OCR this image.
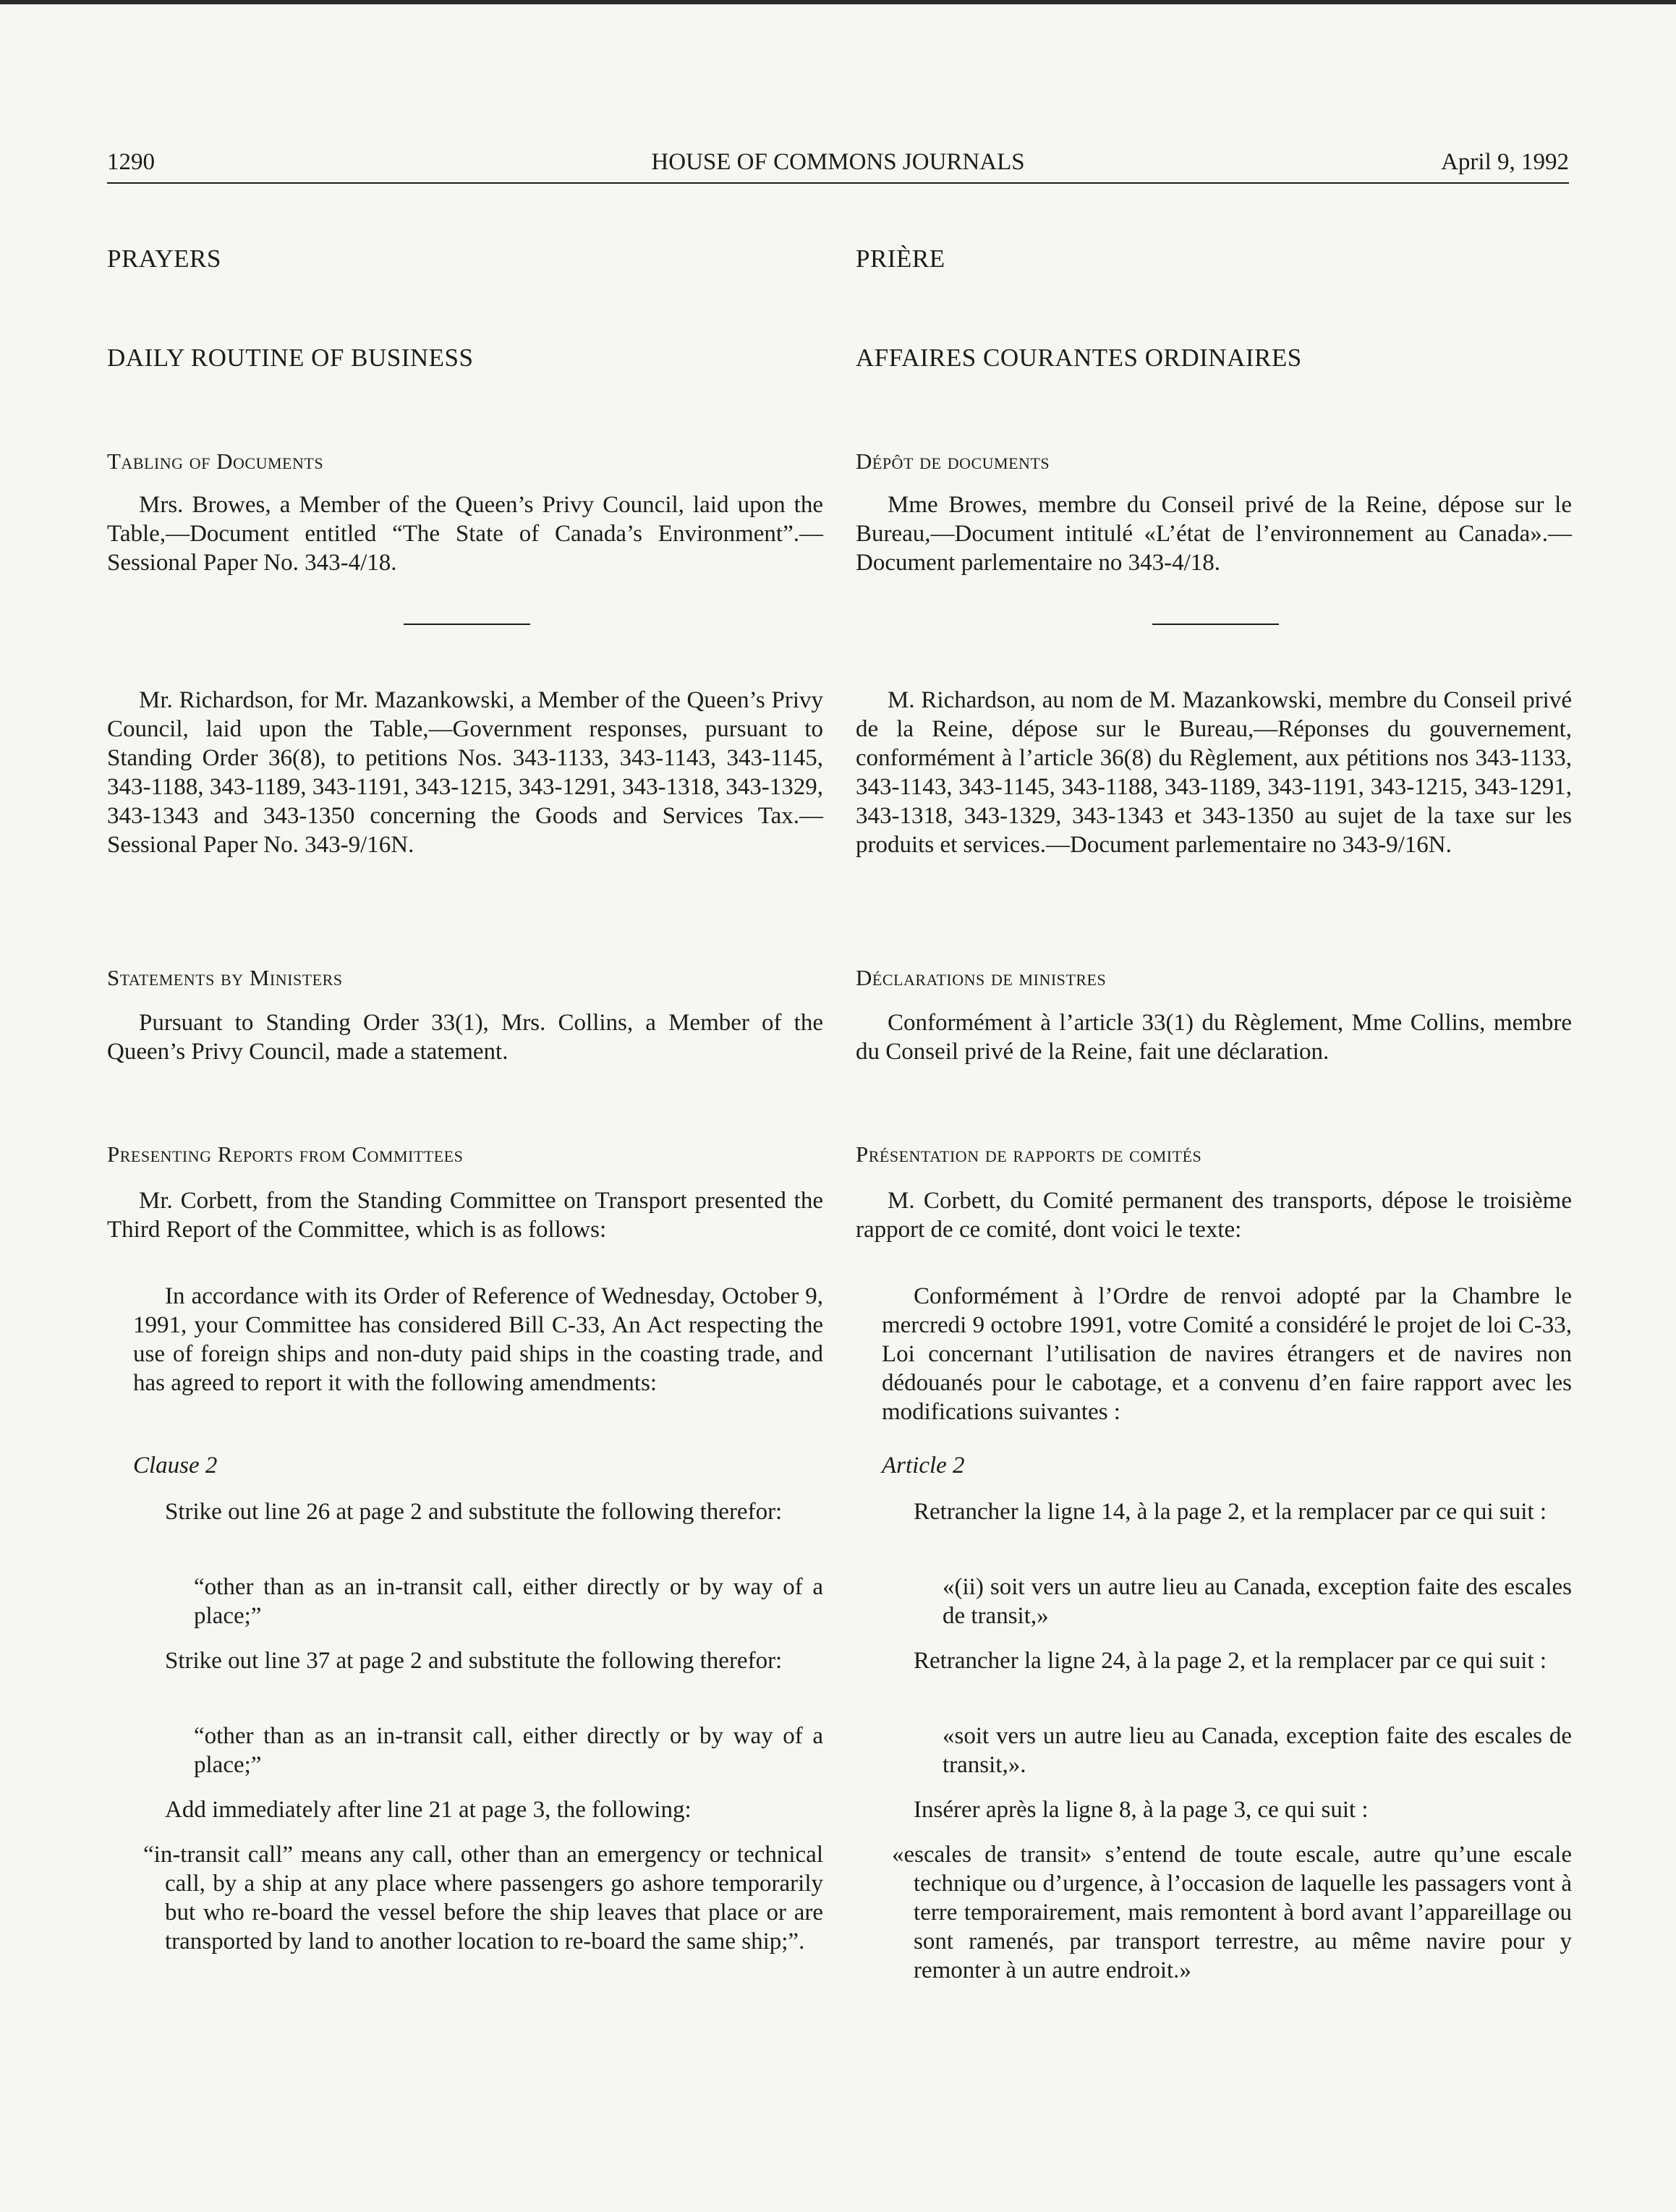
1290	HOUSE OF COMMONS JOURNALS	April 9, 1992
PRAYERS
DAILY ROUTINE OF BUSINESS
Tabling of Documents

Mrs. Browes, a Member of the Queen’s Privy Council, laid upon the Table,—Document entitled “The State of Canada’s Environment”.—Sessional Paper No. 343-4/18.

Mr. Richardson, for Mr. Mazankowski, a Member of the Queen’s Privy Council, laid upon the Table,—Government responses, pursuant to Standing Order 36(8), to petitions Nos. 343-1133, 343-1143, 343-1145, 343-1188, 343-1189, 343-1191, 343-1215, 343-1291, 343-1318, 343-1329, 343-1343 and 343-1350 concerning the Goods and Services Tax.—Sessional Paper No. 343-9/16N.

Statements by Ministers

Pursuant to Standing Order 33(1), Mrs. Collins, a Member of the Queen’s Privy Council, made a statement.

Presenting Reports from Committees

Mr. Corbett, from the Standing Committee on Transport presented the Third Report of the Committee, which is as follows:

In accordance with its Order of Reference of Wednesday, October 9, 1991, your Committee has considered Bill C-33, An Act respecting the use of foreign ships and non-duty paid ships in the coasting trade, and has agreed to report it with the following amendments:

Clause 2

Strike out line 26 at page 2 and substitute the following therefor:

“other than as an in-transit call, either directly or by way of a place;”

Strike out line 37 at page 2 and substitute the following therefor:

“other than as an in-transit call, either directly or by way of a place;”

Add immediately after line 21 at page 3, the following:

“in-transit call” means any call, other than an emergency or technical call, by a ship at any place where passengers go ashore temporarily but who re-board the vessel before the ship leaves that place or are transported by land to another location to re-board the same ship;”.

PRIÈRE
AFFAIRES COURANTES ORDINAIRES
Dépôt de documents

Mme Browes, membre du Conseil privé de la Reine, dépose sur le Bureau,—Document intitulé «L’état de l’environnement au Canada».—Document parlementaire no 343-4/18.

M. Richardson, au nom de M. Mazankowski, membre du Conseil privé de la Reine, dépose sur le Bureau,—Réponses du gouvernement, conformément à l’article 36(8) du Règlement, aux pétitions nos 343-1133, 343-1143, 343-1145, 343-1188, 343-1189, 343-1191, 343-1215, 343-1291, 343-1318, 343-1329, 343-1343 et 343-1350 au sujet de la taxe sur les produits et services.—Document parlementaire no 343-9/16N.

Déclarations de ministres

Conformément à l’article 33(1) du Règlement, Mme Collins, membre du Conseil privé de la Reine, fait une déclaration.

Présentation de rapports de comités

M. Corbett, du Comité permanent des transports, dépose le troisième rapport de ce comité, dont voici le texte:

Conformément à l’Ordre de renvoi adopté par la Chambre le mercredi 9 octobre 1991, votre Comité a considéré le projet de loi C-33, Loi concernant l’utilisation de navires étrangers et de navires non dédouanés pour le cabotage, et a convenu d’en faire rapport avec les modifications suivantes :

Article 2

Retrancher la ligne 14, à la page 2, et la remplacer par ce qui suit :

«(ii) soit vers un autre lieu au Canada, exception faite des escales de transit,»

Retrancher la ligne 24, à la page 2, et la remplacer par ce qui suit :

«soit vers un autre lieu au Canada, exception faite des escales de transit,».

Insérer après la ligne 8, à la page 3, ce qui suit :

«escales de transit» s’entend de toute escale, autre qu’une escale technique ou d’urgence, à l’occasion de laquelle les passagers vont à terre temporairement, mais remontent à bord avant l’appareillage ou sont ramenés, par transport terrestre, au même navire pour y remonter à un autre endroit.»
